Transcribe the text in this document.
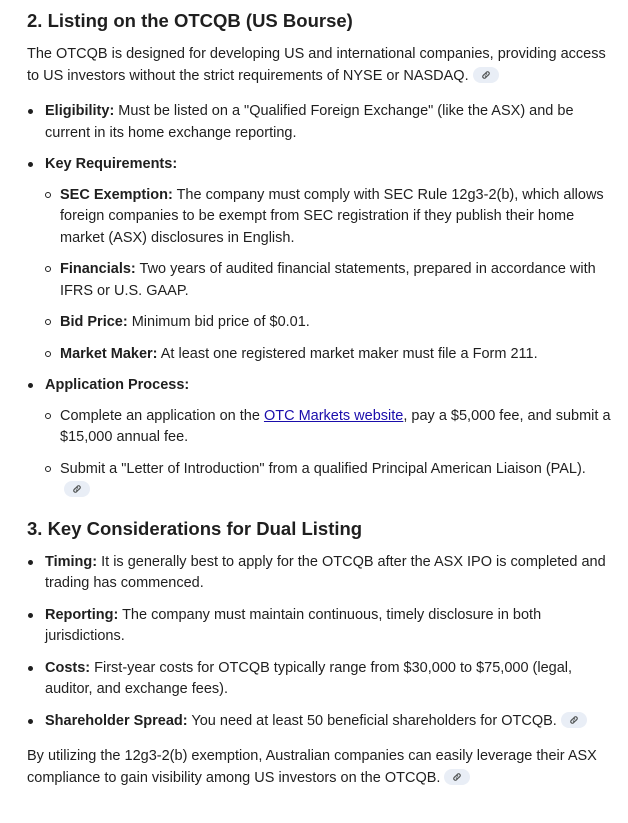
2. Listing on the OTCQB (US Bourse)

The OTCQB is designed for developing US and international companies, providing access to US investors without the strict requirements of NYSE or NASDAQ.

Eligibility: Must be listed on a "Qualified Foreign Exchange" (like the ASX) and be current in its home exchange reporting.
Key Requirements:
SEC Exemption: The company must comply with SEC Rule 12g3-2(b), which allows foreign companies to be exempt from SEC registration if they publish their home market (ASX) disclosures in English.
Financials: Two years of audited financial statements, prepared in accordance with IFRS or U.S. GAAP.
Bid Price: Minimum bid price of $0.01.
Market Maker: At least one registered market maker must file a Form 211.
Application Process:
Complete an application on the OTC Markets website, pay a $5,000 fee, and submit a $15,000 annual fee.
Submit a "Letter of Introduction" from a qualified Principal American Liaison (PAL).
3. Key Considerations for Dual Listing
Timing: It is generally best to apply for the OTCQB after the ASX IPO is completed and trading has commenced.
Reporting: The company must maintain continuous, timely disclosure in both jurisdictions.
Costs: First-year costs for OTCQB typically range from $30,000 to $75,000 (legal, auditor, and exchange fees).
Shareholder Spread: You need at least 50 beneficial shareholders for OTCQB.

By utilizing the 12g3-2(b) exemption, Australian companies can easily leverage their ASX compliance to gain visibility among US investors on the OTCQB.
